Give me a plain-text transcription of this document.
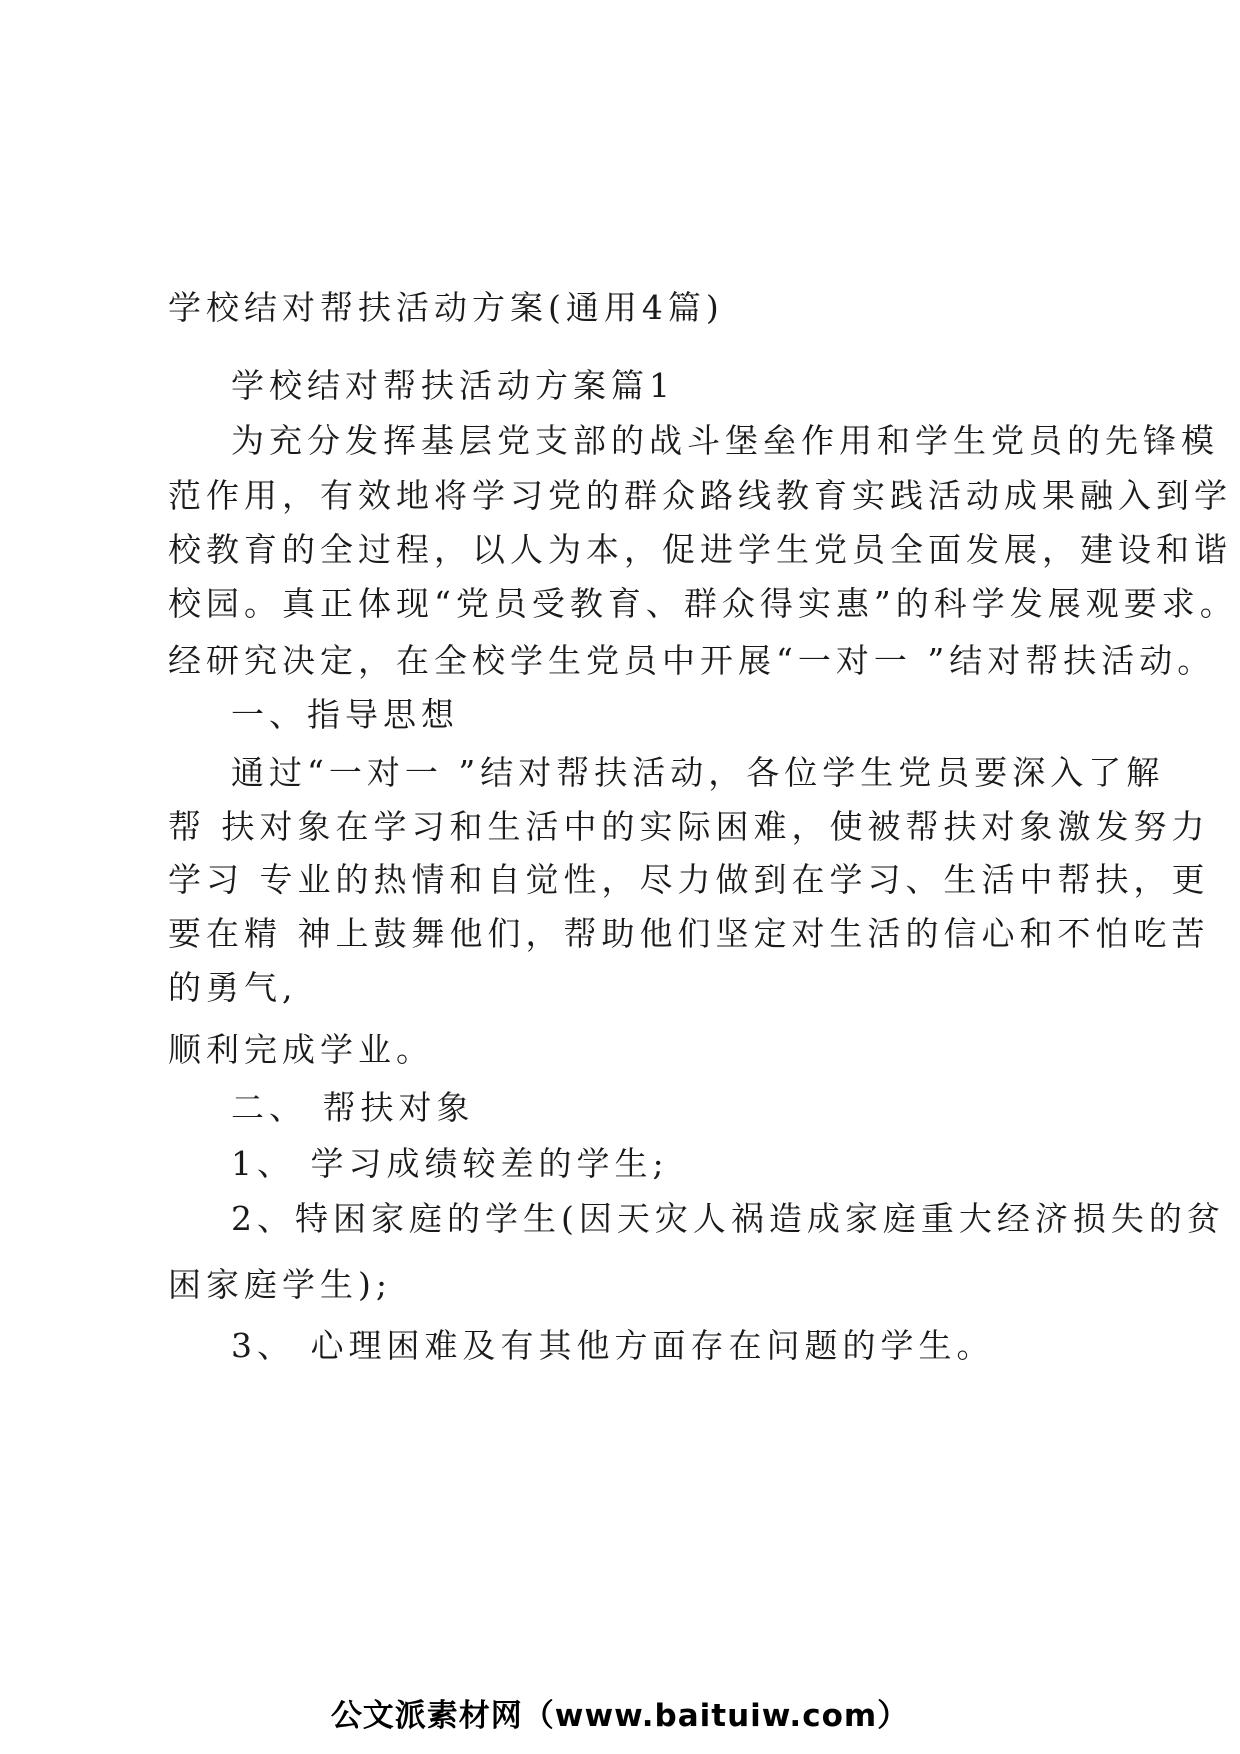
学校结对帮扶活动方案(通用4篇)
学校结对帮扶活动方案篇1
为充分发挥基层党支部的战斗堡垒作用和学生党员的先锋模
范作用，有效地将学习党的群众路线教育实践活动成果融入到学
校教育的全过程，以人为本，促进学生党员全面发展，建设和谐
校园。真正体现“党员受教育、群众得实惠”的科学发展观要求。
经研究决定，在全校学生党员中开展“一对一 ”结对帮扶活动。
一、指导思想
通过“一对一 ”结对帮扶活动，各位学生党员要深入了解
帮 扶对象在学习和生活中的实际困难，使被帮扶对象激发努力
学习 专业的热情和自觉性，尽力做到在学习、生活中帮扶，更
要在精 神上鼓舞他们，帮助他们坚定对生活的信心和不怕吃苦
的勇气,
顺利完成学业。
二、 帮扶对象
1、 学习成绩较差的学生;
2、特困家庭的学生(因天灾人祸造成家庭重大经济损失的贫
困家庭学生);
3、 心理困难及有其他方面存在问题的学生。
公文派素材网（www.baituiw.com）
